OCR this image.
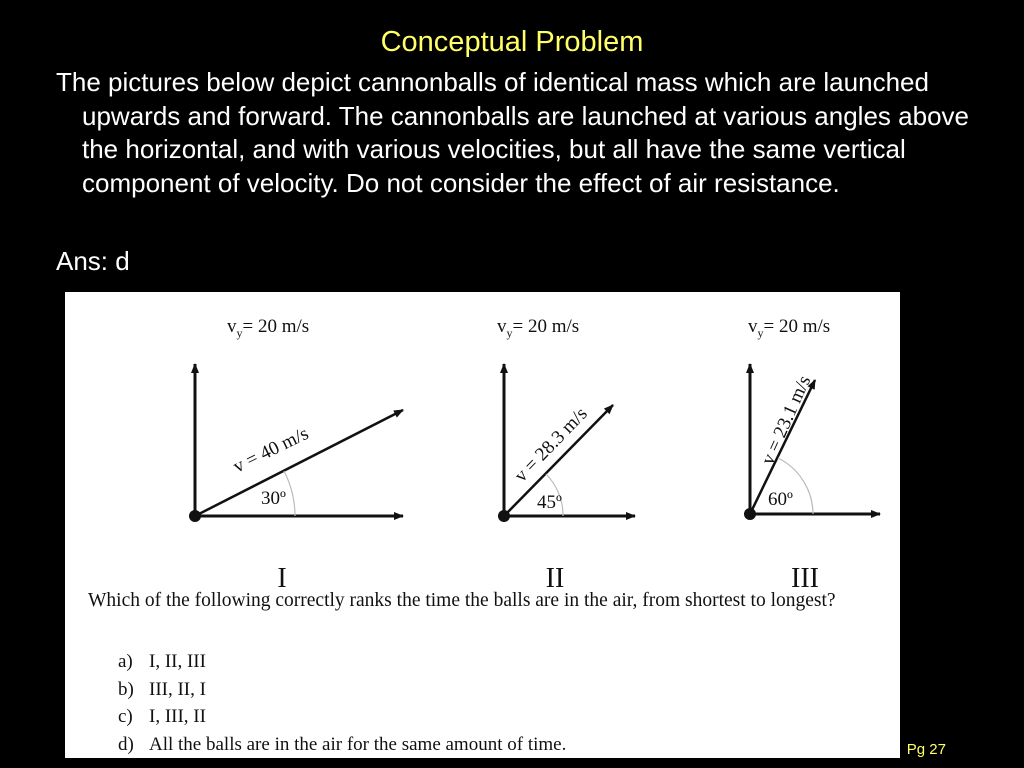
Conceptual Problem
The pictures below depict cannonballs of identical mass which are launched upwards and forward. The cannonballs are launched at various angles above the horizontal, and with various velocities, but all have the same vertical component of velocity. Do not consider the effect of air resistance.
Ans: d
$v_y= 20$ m/s
v = 40 m/s
30º
I
$v_y= 20$ m/s
v = 28.3 m/s
45º
II
$v_y= 20$ m/s
v = 23.1 m/s
60º
III
Which of the following correctly ranks the time the balls are in the air, from shortest to longest?
a) I, II, III
b) III, II, I
c) I, III, II
d) All the balls are in the air for the same amount of time.	Pg 27
